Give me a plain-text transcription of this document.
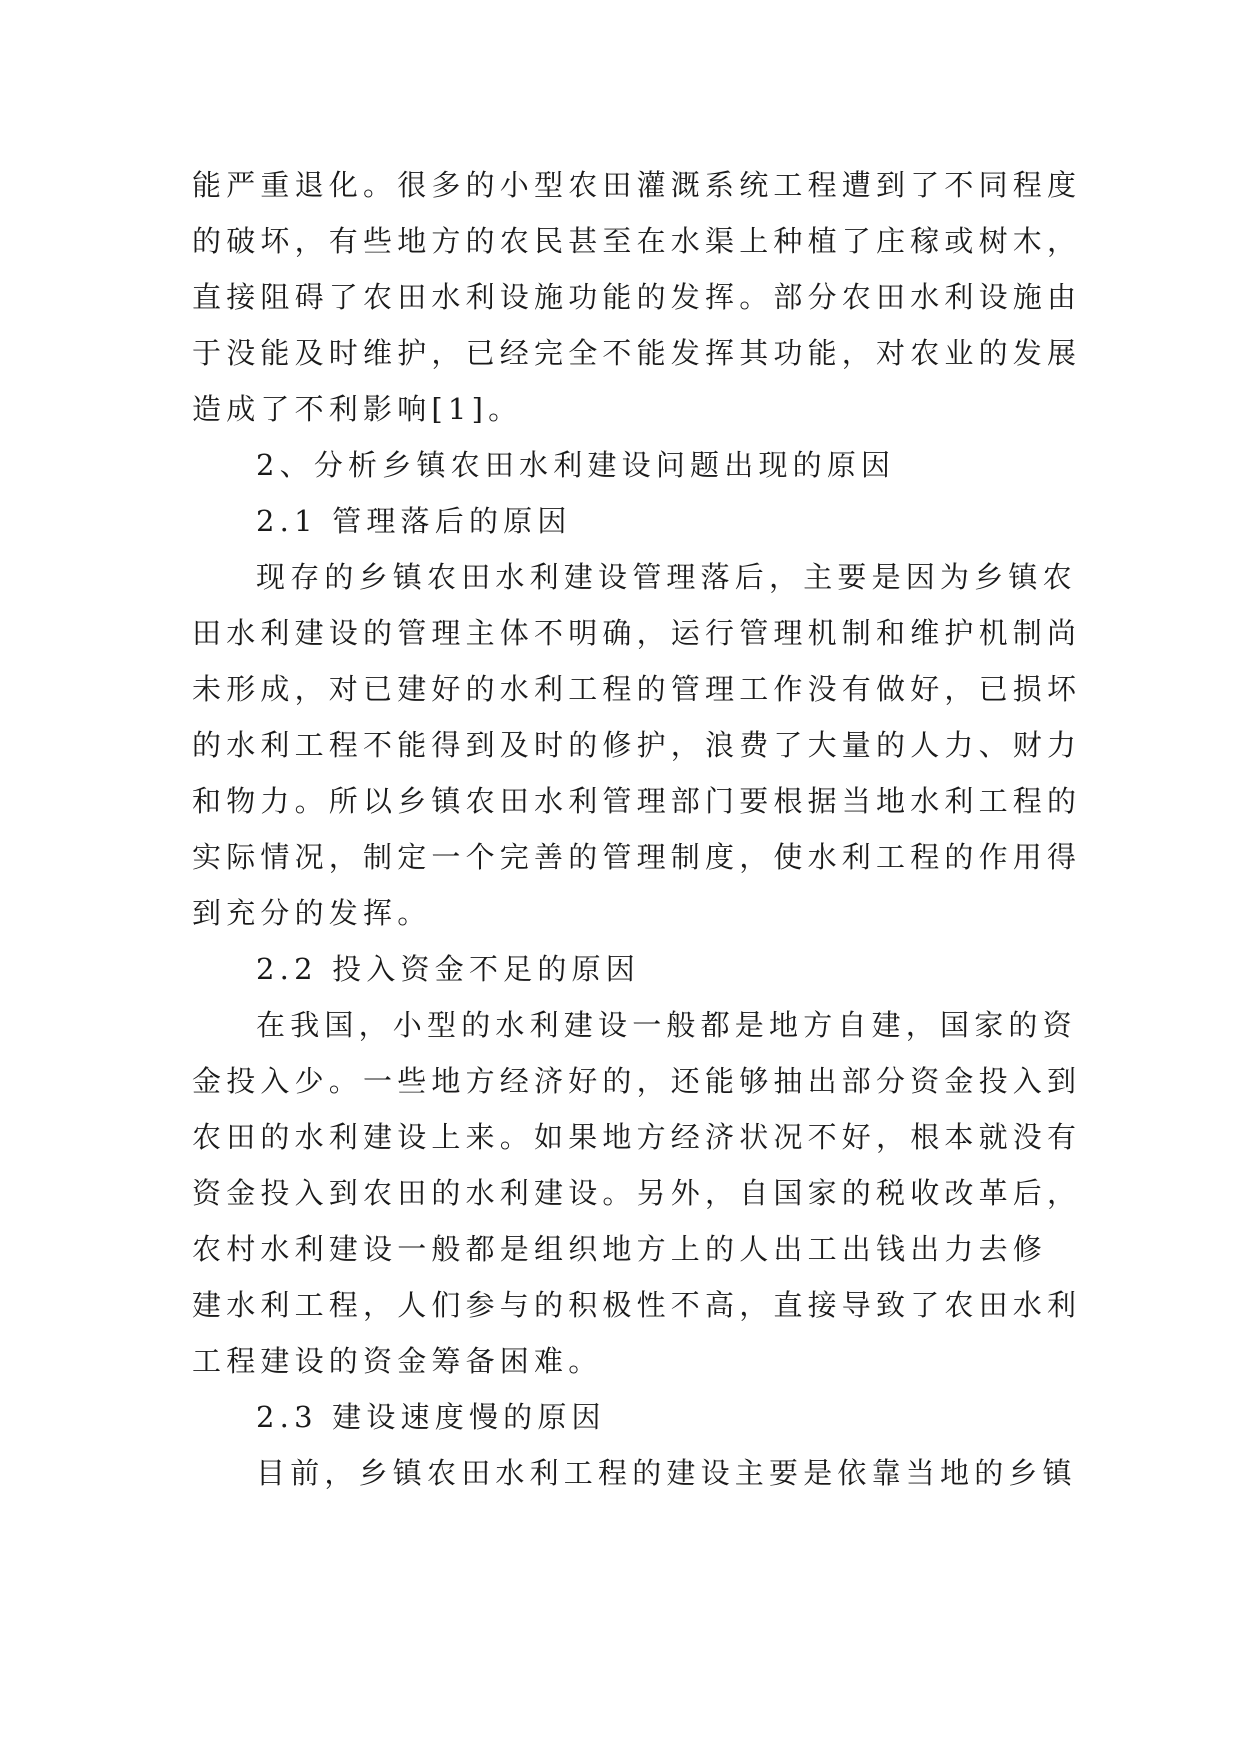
能严重退化。很多的小型农田灌溉系统工程遭到了不同程度
的破坏，有些地方的农民甚至在水渠上种植了庄稼或树木，
直接阻碍了农田水利设施功能的发挥。部分农田水利设施由
于没能及时维护，已经完全不能发挥其功能，对农业的发展
造成了不利影响[1]。
2、分析乡镇农田水利建设问题出现的原因
2.1 管理落后的原因
现存的乡镇农田水利建设管理落后，主要是因为乡镇农
田水利建设的管理主体不明确，运行管理机制和维护机制尚
未形成，对已建好的水利工程的管理工作没有做好，已损坏
的水利工程不能得到及时的修护，浪费了大量的人力、财力
和物力。所以乡镇农田水利管理部门要根据当地水利工程的
实际情况，制定一个完善的管理制度，使水利工程的作用得
到充分的发挥。
2.2 投入资金不足的原因
在我国，小型的水利建设一般都是地方自建，国家的资
金投入少。一些地方经济好的，还能够抽出部分资金投入到
农田的水利建设上来。如果地方经济状况不好，根本就没有
资金投入到农田的水利建设。另外，自国家的税收改革后，
农村水利建设一般都是组织地方上的人出工出钱出力去修
建水利工程，人们参与的积极性不高，直接导致了农田水利
工程建设的资金筹备困难。
2.3 建设速度慢的原因
目前，乡镇农田水利工程的建设主要是依靠当地的乡镇
